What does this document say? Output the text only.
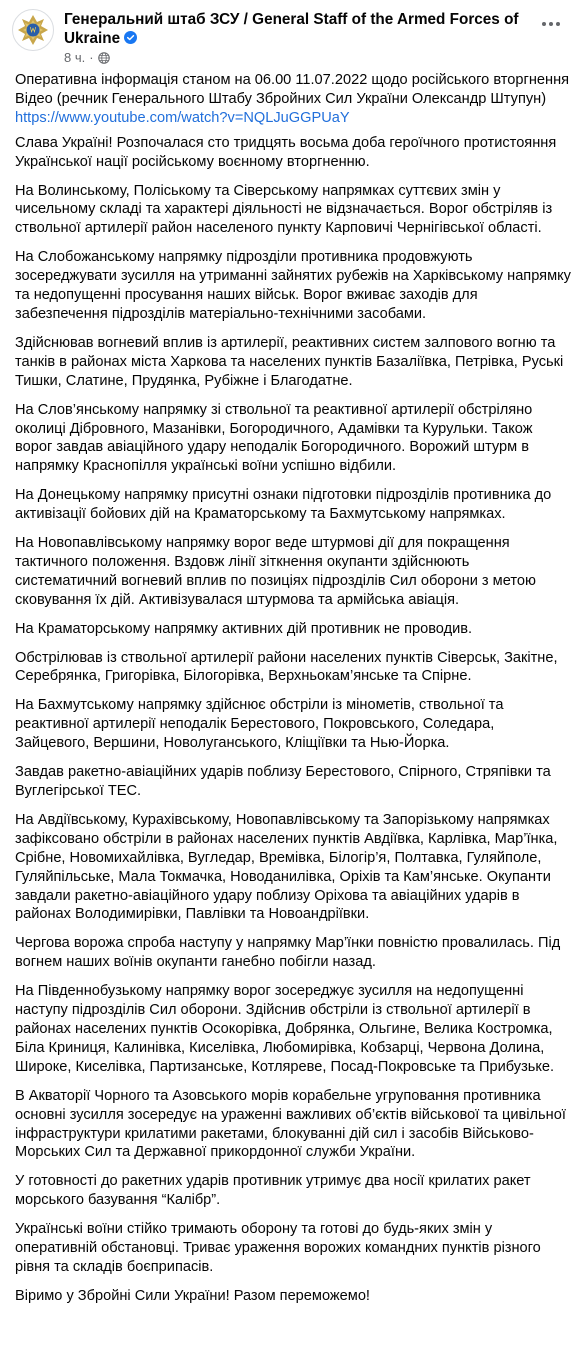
Генеральний штаб ЗСУ / General Staff of the Armed Forces of Ukraine
8 ч. ·

Оперативна інформація станом на 06.00 11.07.2022 щодо російського вторгнення
Відео (речник Генерального Штабу Збройних Сил України Олександр Штупун)
https://www.youtube.com/watch?v=NQLJuGGPUaY

Слава Україні! Розпочалася сто тридцять восьма доба героїчного протистояння Української нації російському воєнному вторгненню.

На Волинському, Поліському та Сіверському напрямках суттєвих змін у чисельному складі та характері діяльності не відзначається. Ворог обстріляв із ствольної артилерії район населеного пункту Карповичі Чернігівської області.

На Слобожанському напрямку підрозділи противника продовжують зосереджувати зусилля на утриманні зайнятих рубежів на Харківському напрямку та недопущенні просування наших військ. Ворог вживає заходів для забезпечення підрозділів матеріально-технічними засобами.

Здійснював вогневий вплив із артилерії, реактивних систем залпового вогню та танків в районах міста Харкова та населених пунктів Базаліївка, Петрівка, Руські Тишки, Слатине, Прудянка, Рубіжне і Благодатне.

На Слов’янському напрямку зі ствольної та реактивної артилерії обстріляно околиці Дібровного, Мазанівки, Богородичного, Адамівки та Курульки. Також ворог завдав авіаційного удару неподалік Богородичного. Ворожий штурм в напрямку Краснопілля українські воїни успішно відбили.

На Донецькому напрямку присутні ознаки підготовки підрозділів противника до активізації бойових дій на Краматорському та Бахмутському напрямках.

На Новопавлівському напрямку ворог веде штурмові дії для покращення тактичного положення. Вздовж лінії зіткнення окупанти здійснюють систематичний вогневий вплив по позиціях підрозділів Сил оборони з метою сковування їх дій. Активізувалася штурмова та армійська авіація.

На Краматорському напрямку активних дій противник не проводив.

Обстрілював із ствольної артилерії райони населених пунктів Сіверськ, Закітне, Серебрянка, Григорівка, Білогорівка, Верхньокам’янське та Спірне.

На Бахмутському напрямку здійснює обстріли із мінометів, ствольної та реактивної артилерії неподалік Берестового, Покровського, Соледара, Зайцевого, Вершини, Новолуганського, Кліщіївки та Нью-Йорка.

Завдав ракетно-авіаційних ударів поблизу Берестового, Спірного, Стряпівки та Вуглегірської ТЕС.

На Авдіївському, Курахівському, Новопавлівському та Запорізькому напрямках зафіксовано обстріли в районах населених пунктів Авдіївка, Карлівка, Мар’їнка, Срібне, Новомихайлівка, Вугледар, Времівка, Білогір’я, Полтавка, Гуляйполе, Гуляйпільське, Мала Токмачка, Новоданилівка, Оріхів та Кам’янське. Окупанти завдали ракетно-авіаційного удару поблизу Оріхова та авіаційних ударів в районах Володимирівки, Павлівки та Новоандріївки.

Чергова ворожа спроба наступу у напрямку Мар’їнки повністю провалилась. Під вогнем наших воїнів окупанти ганебно побігли назад.

На Південнобузькому напрямку ворог зосереджує зусилля на недопущенні наступу підрозділів Сил оборони. Здійснив обстріли із ствольної артилерії в районах населених пунктів Осокорівка, Добрянка, Ольгине, Велика Костромка, Біла Криниця, Калинівка, Киселівка, Любомирівка, Кобзарці, Червона Долина, Широке, Киселівка, Партизанське, Котляреве, Посад-Покровське та Прибузьке.

В Акваторії Чорного та Азовського морів корабельне угруповання противника основні зусилля зосередує на ураженні важливих об’єктів військової та цивільної інфраструктури крилатими ракетами, блокуванні дій сил і засобів Військово-Морських Сил та Державної прикордонної служби України.

У готовності до ракетних ударів противник утримує два носії крилатих ракет морського базування “Калібр”.

Українські воїни стійко тримають оборону та готові до будь-яких змін у оперативній обстановці. Триває ураження ворожих командних пунктів різного рівня та складів боєприпасів.

Віримо у Збройні Сили України! Разом переможемо!
